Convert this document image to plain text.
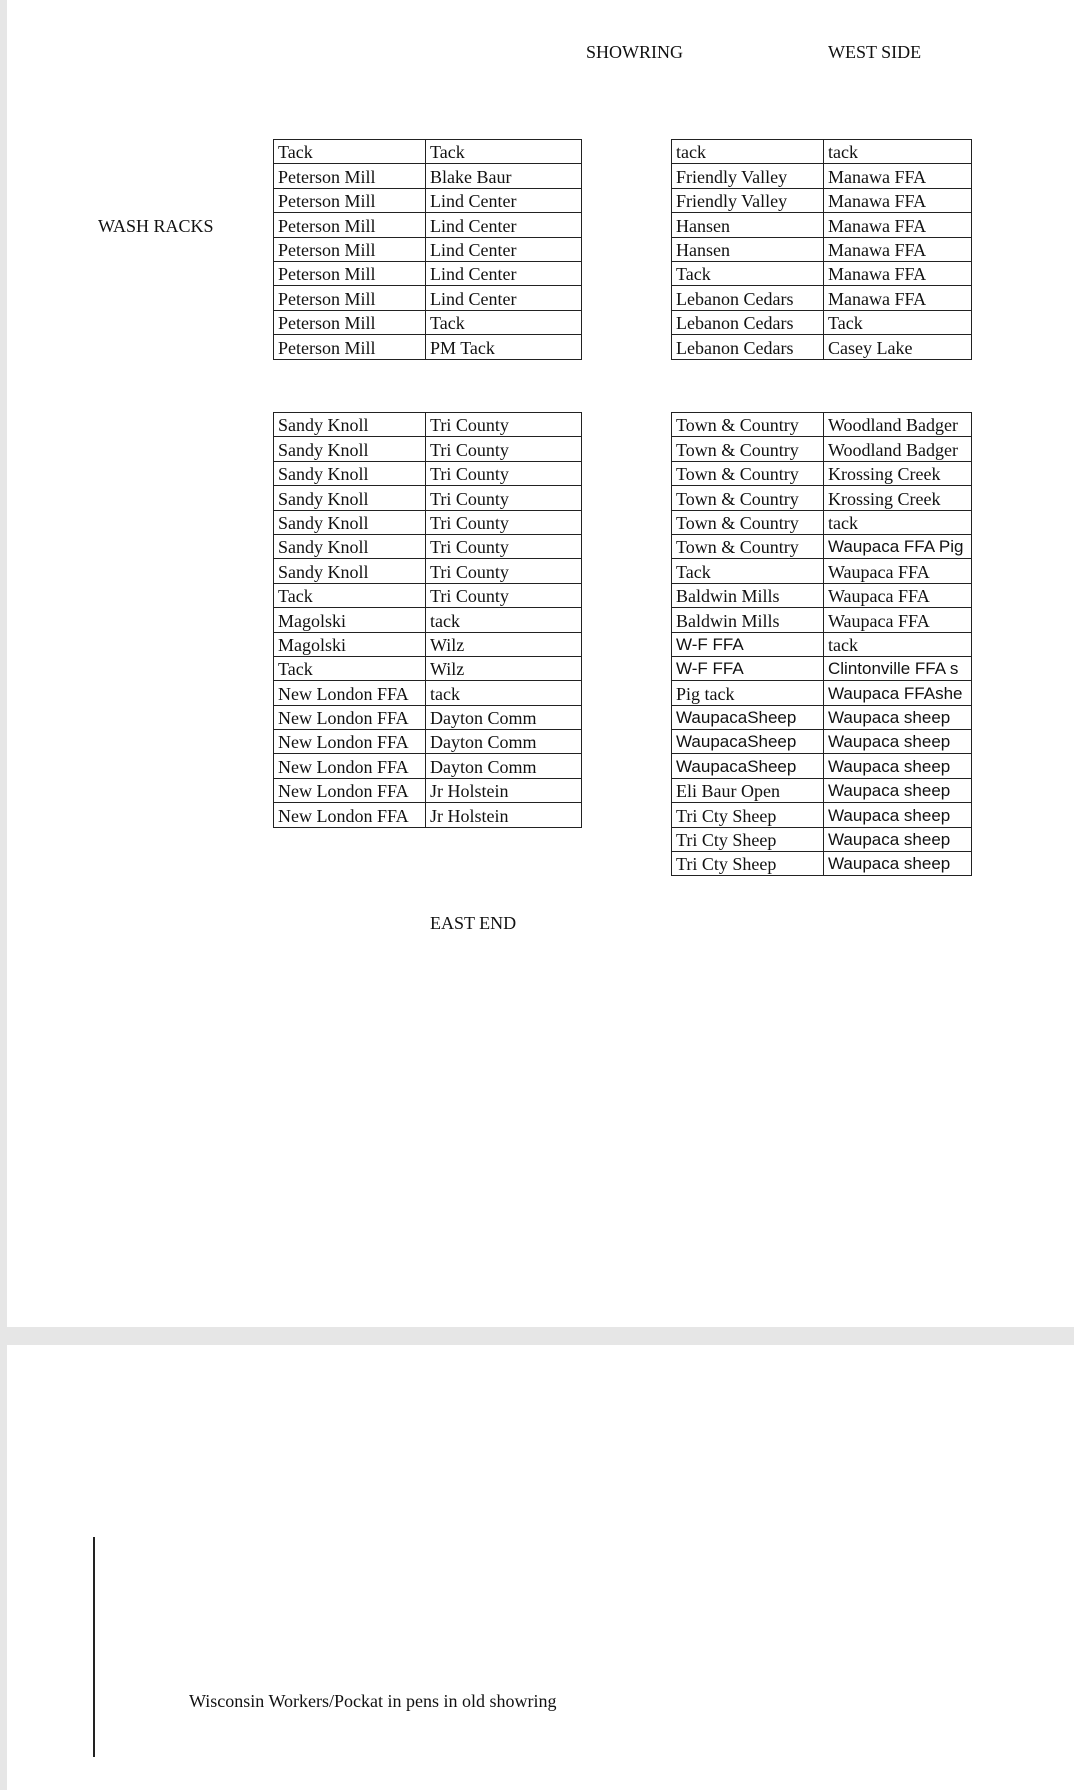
SHOWRING	WEST SIDE
WASH RACKS
Tack	Tack
Peterson Mill	Blake Baur
Peterson Mill	Lind Center
Peterson Mill	Lind Center
Peterson Mill	Lind Center
Peterson Mill	Lind Center
Peterson Mill	Lind Center
Peterson Mill	Tack
Peterson Mill	PM Tack
tack	tack
Friendly Valley	Manawa FFA
Friendly Valley	Manawa FFA
Hansen	Manawa FFA
Hansen	Manawa FFA
Tack	Manawa FFA
Lebanon Cedars	Manawa FFA
Lebanon Cedars	Tack
Lebanon Cedars	Casey Lake
Sandy Knoll	Tri County
Sandy Knoll	Tri County
Sandy Knoll	Tri County
Sandy Knoll	Tri County
Sandy Knoll	Tri County
Sandy Knoll	Tri County
Sandy Knoll	Tri County
Tack	Tri County
Magolski	tack
Magolski	Wilz
Tack	Wilz
New London FFA	tack
New London FFA	Dayton Comm
New London FFA	Dayton Comm
New London FFA	Dayton Comm
New London FFA	Jr Holstein
New London FFA	Jr Holstein
Town & Country	Woodland Badger
Town & Country	Woodland Badger
Town & Country	Krossing Creek
Town & Country	Krossing Creek
Town & Country	tack
Town & Country	Waupaca FFA Pig
Tack	Waupaca FFA
Baldwin Mills	Waupaca FFA
Baldwin Mills	Waupaca FFA
W-F FFA	tack
W-F FFA	Clintonville FFA s
Pig tack	Waupaca FFAshe
WaupacaSheep	Waupaca sheep
WaupacaSheep	Waupaca sheep
WaupacaSheep	Waupaca sheep
Eli Baur Open	Waupaca sheep
Tri Cty Sheep	Waupaca sheep
Tri Cty Sheep	Waupaca sheep
Tri Cty Sheep	Waupaca sheep
EAST END
Wisconsin Workers/Pockat in pens in old showring
